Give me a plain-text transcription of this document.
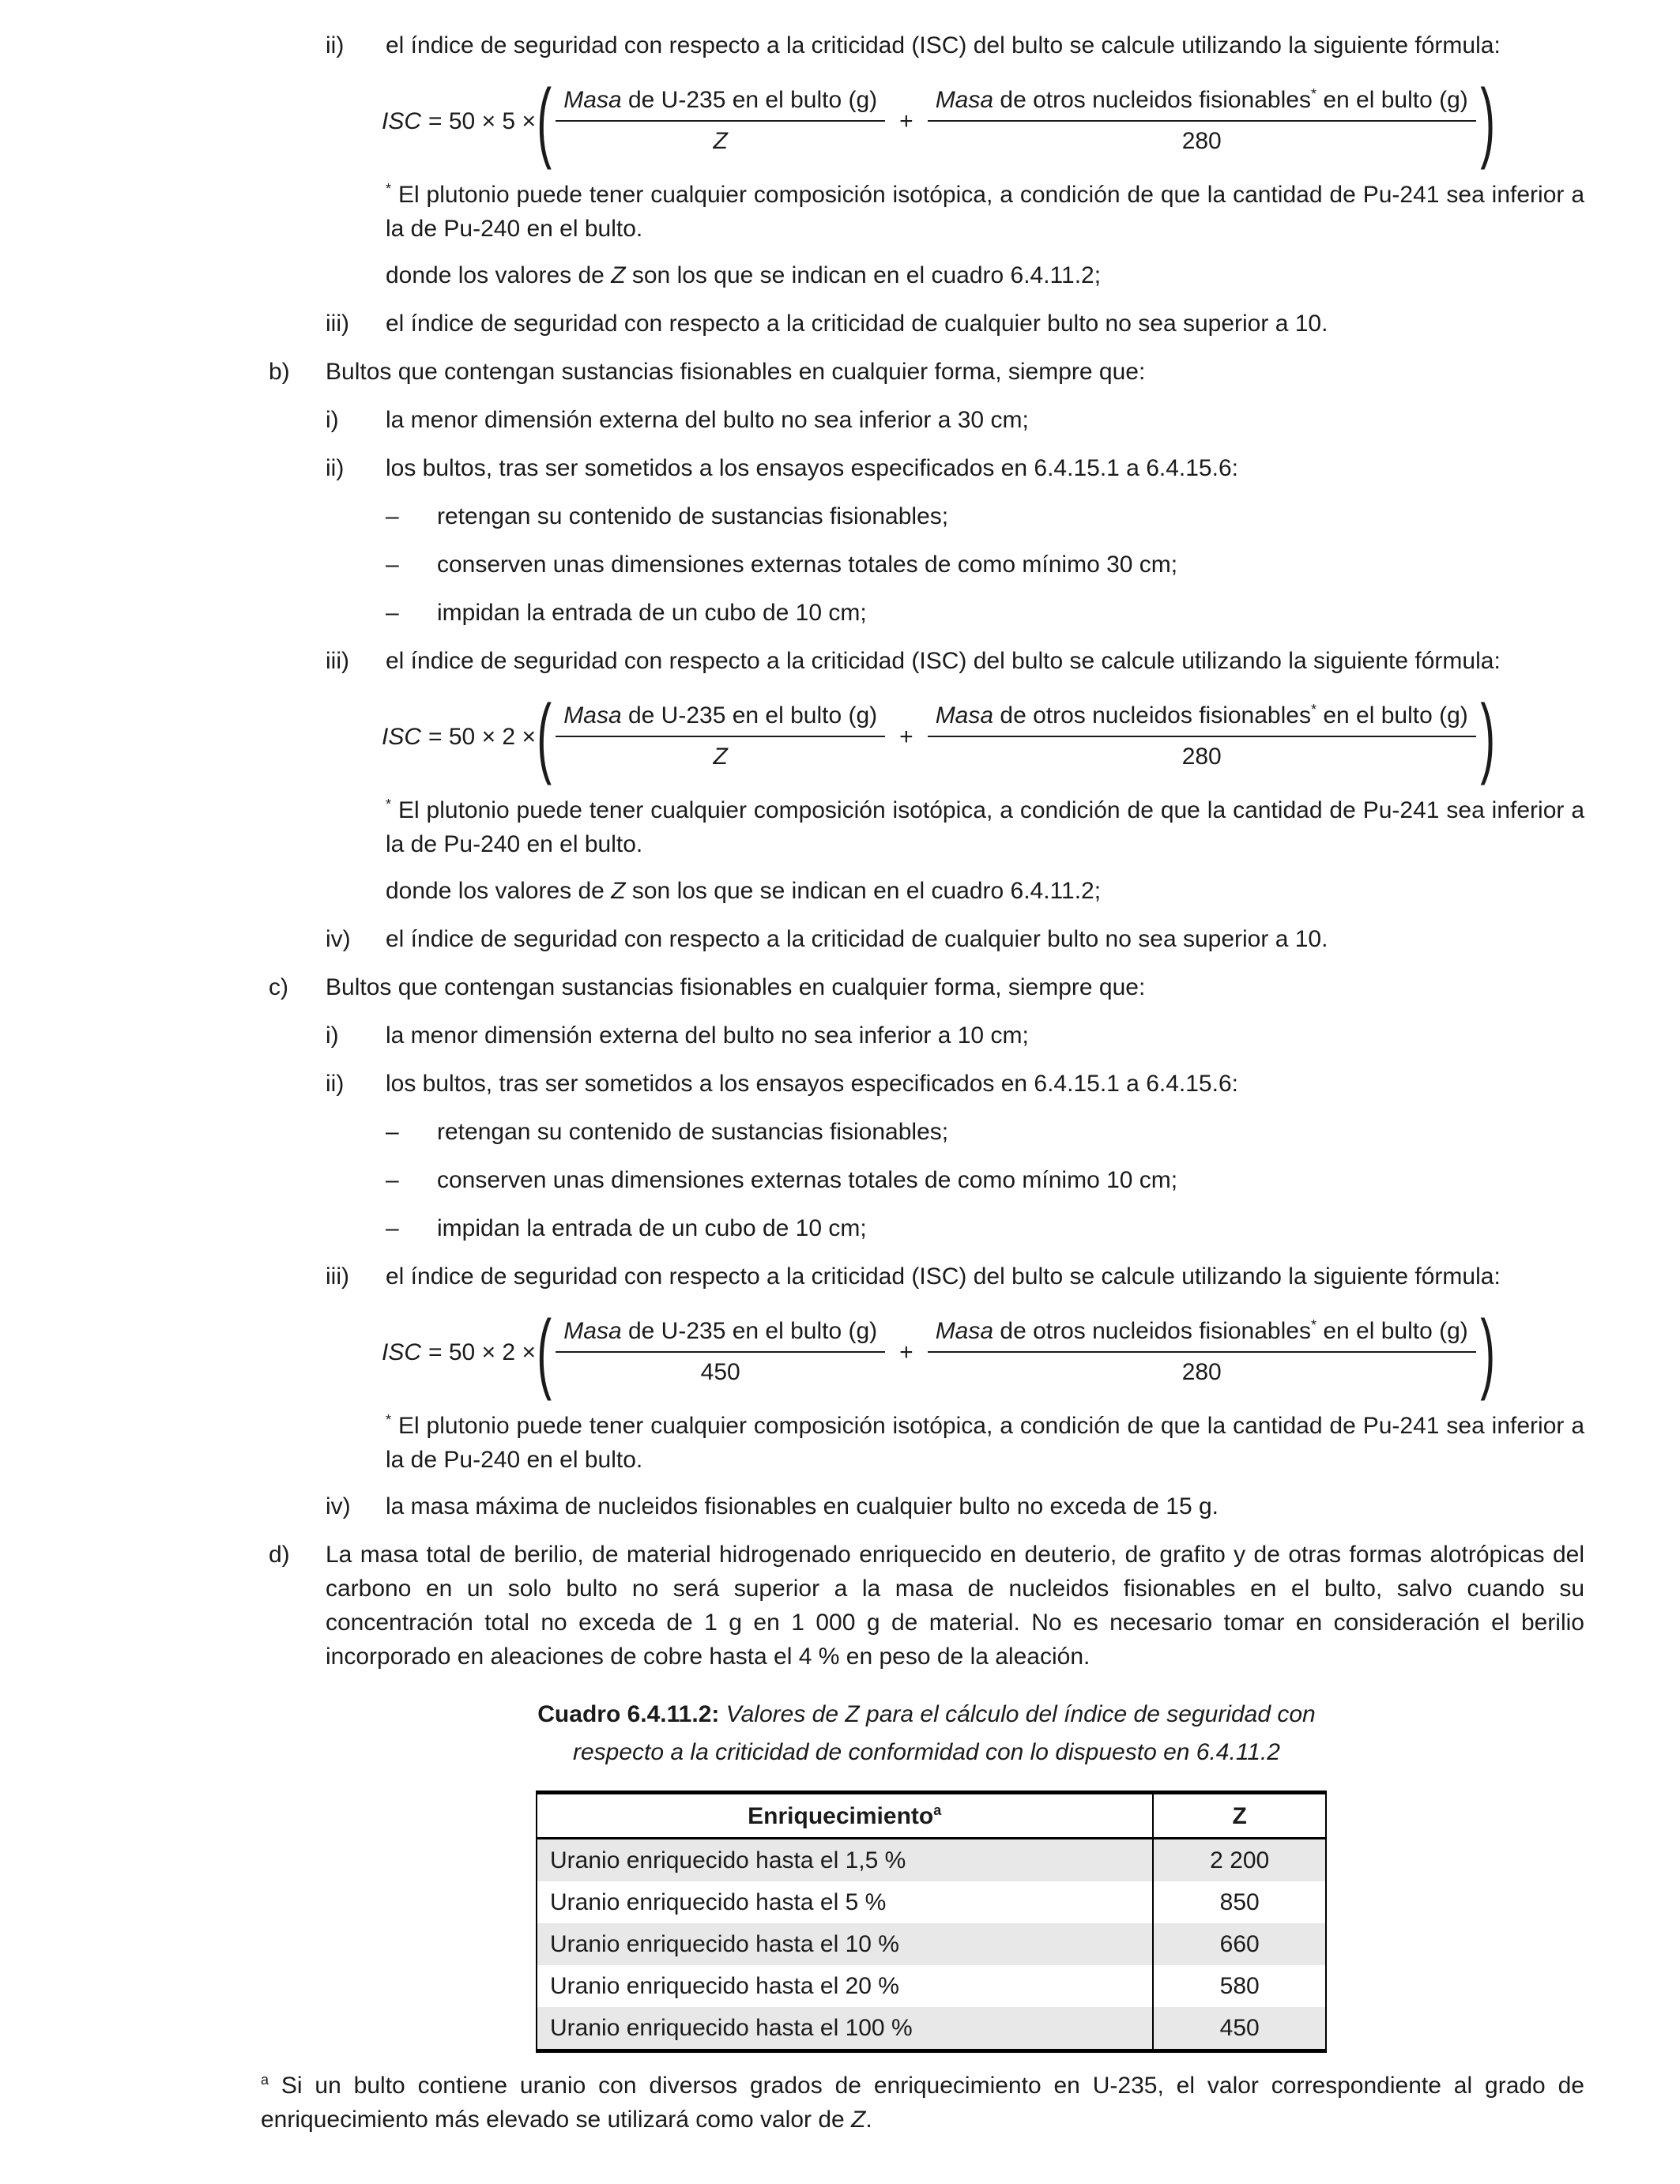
ii) el índice de seguridad con respecto a la criticidad (ISC) del bulto se calcule utilizando la siguiente fórmula:
ISC = 50 × 5 × ( $\frac{\text{Masa de U-235 en el bulto (g)}}{Z} + \frac{Masa de otros nucleidos fisionables^* en el bulto (g)}{280}$ )
* El plutonio puede tener cualquier composición isotópica, a condición de que la cantidad de Pu-241 sea inferior a la de Pu-240 en el bulto.
donde los valores de Z son los que se indican en el cuadro 6.4.11.2;
iii) el índice de seguridad con respecto a la criticidad de cualquier bulto no sea superior a 10.
b) Bultos que contengan sustancias fisionables en cualquier forma, siempre que:
i) la menor dimensión externa del bulto no sea inferior a 30 cm;
ii) los bultos, tras ser sometidos a los ensayos especificados en 6.4.15.1 a 6.4.15.6:
– retengan su contenido de sustancias fisionables;
– conserven unas dimensiones externas totales de como mínimo 30 cm;
– impidan la entrada de un cubo de 10 cm;
iii) el índice de seguridad con respecto a la criticidad (ISC) del bulto se calcule utilizando la siguiente fórmula:
ISC = 50 × 2 × ( $\frac{\text{Masa de U-235 en el bulto (g)}}{Z} + \frac{Masa de otros nucleidos fisionables^* en el bulto (g)}{280}$ )
* El plutonio puede tener cualquier composición isotópica, a condición de que la cantidad de Pu-241 sea inferior a la de Pu-240 en el bulto.
donde los valores de Z son los que se indican en el cuadro 6.4.11.2;
iv) el índice de seguridad con respecto a la criticidad de cualquier bulto no sea superior a 10.
c) Bultos que contengan sustancias fisionables en cualquier forma, siempre que:
i) la menor dimensión externa del bulto no sea inferior a 10 cm;
ii) los bultos, tras ser sometidos a los ensayos especificados en 6.4.15.1 a 6.4.15.6:
– retengan su contenido de sustancias fisionables;
– conserven unas dimensiones externas totales de como mínimo 10 cm;
– impidan la entrada de un cubo de 10 cm;
iii) el índice de seguridad con respecto a la criticidad (ISC) del bulto se calcule utilizando la siguiente fórmula:
ISC = 50 × 2 × ( $\frac{\text{Masa de U-235 en el bulto (g)}}{450} + \frac{Masa de otros nucleidos fisionables^* en el bulto (g)}{280}$ )
* El plutonio puede tener cualquier composición isotópica, a condición de que la cantidad de Pu-241 sea inferior a la de Pu-240 en el bulto.
iv) la masa máxima de nucleidos fisionables en cualquier bulto no exceda de 15 g.
d) La masa total de berilio, de material hidrogenado enriquecido en deuterio, de grafito y de otras formas alotrópicas del carbono en un solo bulto no será superior a la masa de nucleidos fisionables en el bulto, salvo cuando su concentración total no exceda de 1 g en 1 000 g de material. No es necesario tomar en consideración el berilio incorporado en aleaciones de cobre hasta el 4 % en peso de la aleación.
Cuadro 6.4.11.2: Valores de Z para el cálculo del índice de seguridad con
respecto a la criticidad de conformidad con lo dispuesto en 6.4.11.2
Enriquecimiento$^a$	Z
Uranio enriquecido hasta el 1,5 %	2 200
Uranio enriquecido hasta el 5 %	850
Uranio enriquecido hasta el 10 %	660
Uranio enriquecido hasta el 20 %	580
Uranio enriquecido hasta el 100 %	450
$^a$ Si un bulto contiene uranio con diversos grados de enriquecimiento en U-235, el valor correspondiente al grado de enriquecimiento más elevado se utilizará como valor de Z.
